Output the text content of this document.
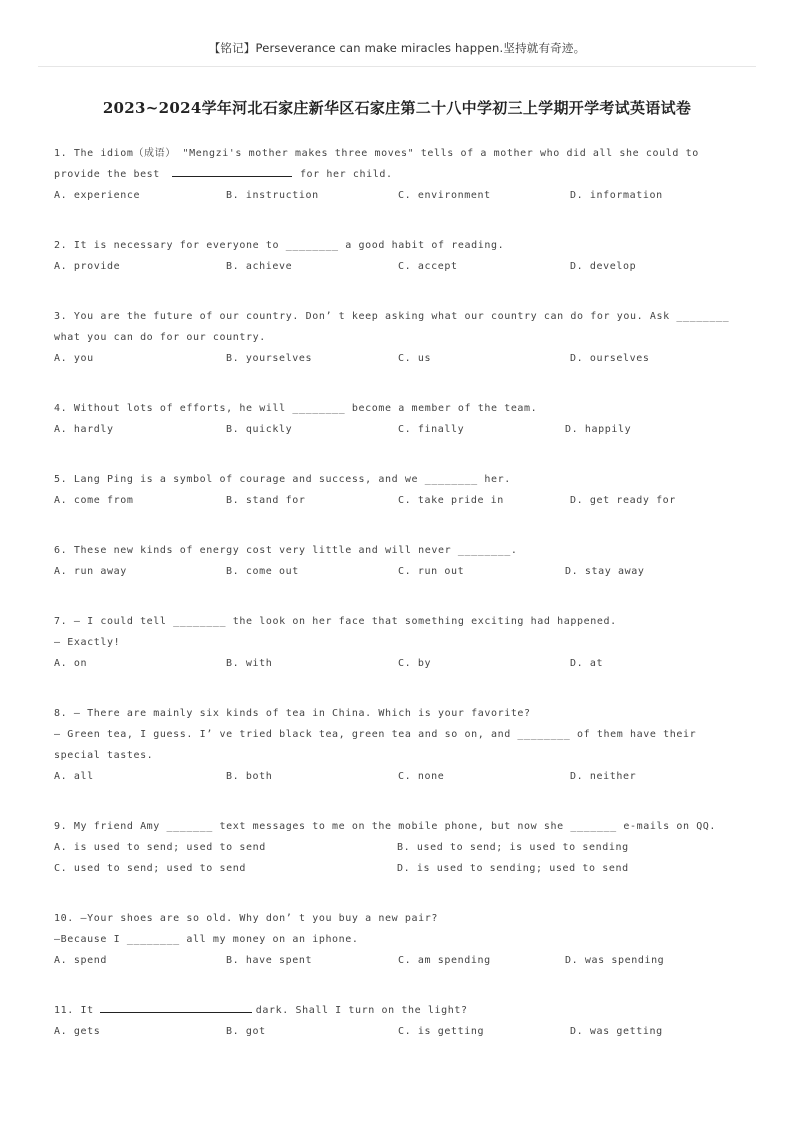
【铭记】Perseverance can make miracles happen.坚持就有奇迹。
2023~2024学年河北石家庄新华区石家庄第二十八中学初三上学期开学考试英语试卷
1. The idiom（成语） "Mengzi's mother makes three moves" tells of a mother who did all she could to
provide the best	for her child.
A. experience	B. instruction	C. environment	D. information
2. It is necessary for everyone to ________ a good habit of reading.
A. provide	B. achieve	C. accept	D. develop
3. You are the future of our country. Don’ t keep asking what our country can do for you. Ask ________
what you can do for our country.
A. you	B. yourselves	C. us	D. ourselves
4. Without lots of efforts, he will ________ become a member of the team.
A. hardly	B. quickly	C. finally	D. happily
5. Lang Ping is a symbol of courage and success, and we ________ her.
A. come from	B. stand for	C. take pride in	D. get ready for
6. These new kinds of energy cost very little and will never ________.
A. run away	B. come out	C. run out	D. stay away
7. — I could tell ________ the look on her face that something exciting had happened.
— Exactly!
A. on	B. with	C. by	D. at
8. — There are mainly six kinds of tea in China. Which is your favorite?
— Green tea, I guess. I’ ve tried black tea, green tea and so on, and ________ of them have their
special tastes.
A. all	B. both	C. none	D. neither
9. My friend Amy _______ text messages to me on the mobile phone, but now she _______ e-mails on QQ.
A. is used to send; used to send	B. used to send; is used to sending
C. used to send; used to send	D. is used to sending; used to send
10. —Your shoes are so old. Why don’ t you buy a new pair?
—Because I ________ all my money on an iphone.
A. spend	B. have spent	C. am spending	D. was spending
11. It	dark. Shall I turn on the light?
A. gets	B. got	C. is getting	D. was getting
